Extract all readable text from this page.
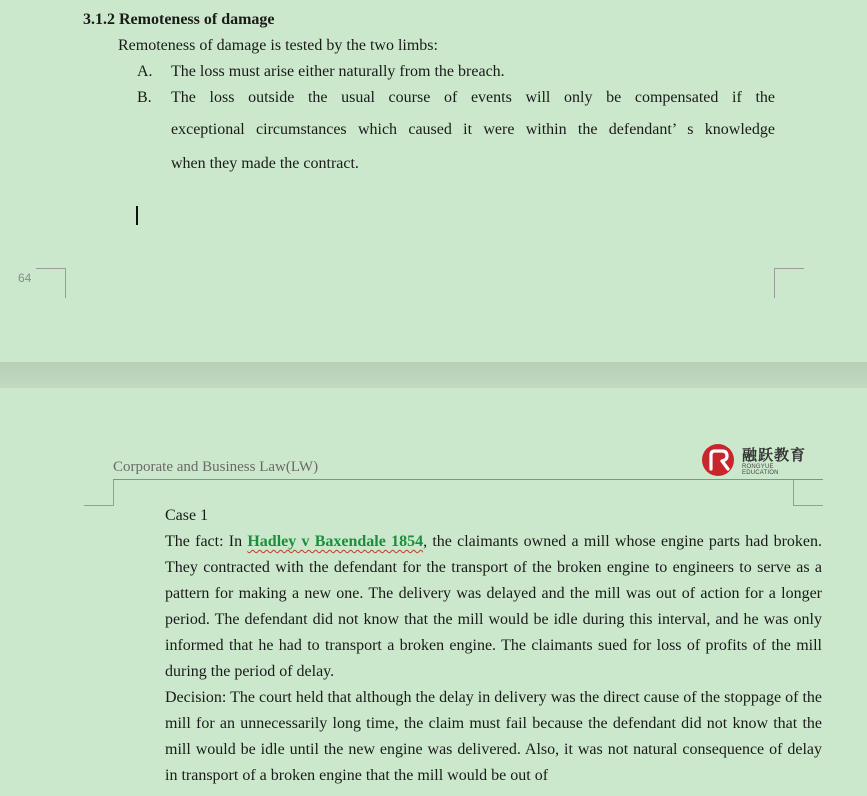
3.1.2 Remoteness of damage
Remoteness of damage is tested by the two limbs:
A. The loss must arise either naturally from the breach.
B. The loss outside the usual course of events will only be compensated if the
exceptional circumstances which caused it were within the defendant’ s knowledge
when they made the contract.
64
Corporate and Business Law(LW)
融跃教育
RONGYUE EDUCATION

Case 1

The fact: In Hadley v Baxendale 1854, the claimants owned a mill whose engine parts had broken. They contracted with the defendant for the transport of the broken engine to engineers to serve as a pattern for making a new one. The delivery was delayed and the mill was out of action for a longer period. The defendant did not know that the mill would be idle during this interval, and he was only informed that he had to transport a broken engine. The claimants sued for loss of profits of the mill during the period of delay.

Decision: The court held that although the delay in delivery was the direct cause of the stoppage of the mill for an unnecessarily long time, the claim must fail because the defendant did not know that the mill would be idle until the new engine was delivered. Also, it was not natural consequence of delay in transport of a broken engine that the mill would be out of
